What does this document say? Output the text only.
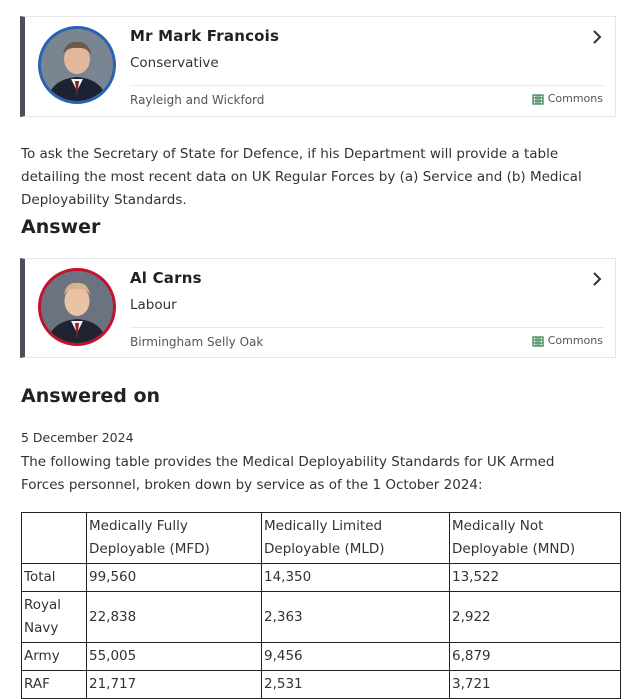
Mr Mark Francois
Conservative
Rayleigh and Wickford	Commons
To ask the Secretary of State for Defence, if his Department will provide a table detailing the most recent data on UK Regular Forces by (a) Service and (b) Medical Deployability Standards.
Answer
Al Carns
Labour
Birmingham Selly Oak	Commons
Answered on
5 December 2024
The following table provides the Medical Deployability Standards for UK Armed Forces personnel, broken down by service as of the 1 October 2024:
	Medically Fully Deployable (MFD)	Medically Limited Deployable (MLD)	Medically Not Deployable (MND)
Total	99,560	14,350	13,522
Royal Navy	22,838	2,363	2,922
Army	55,005	9,456	6,879
RAF	21,717	2,531	3,721
